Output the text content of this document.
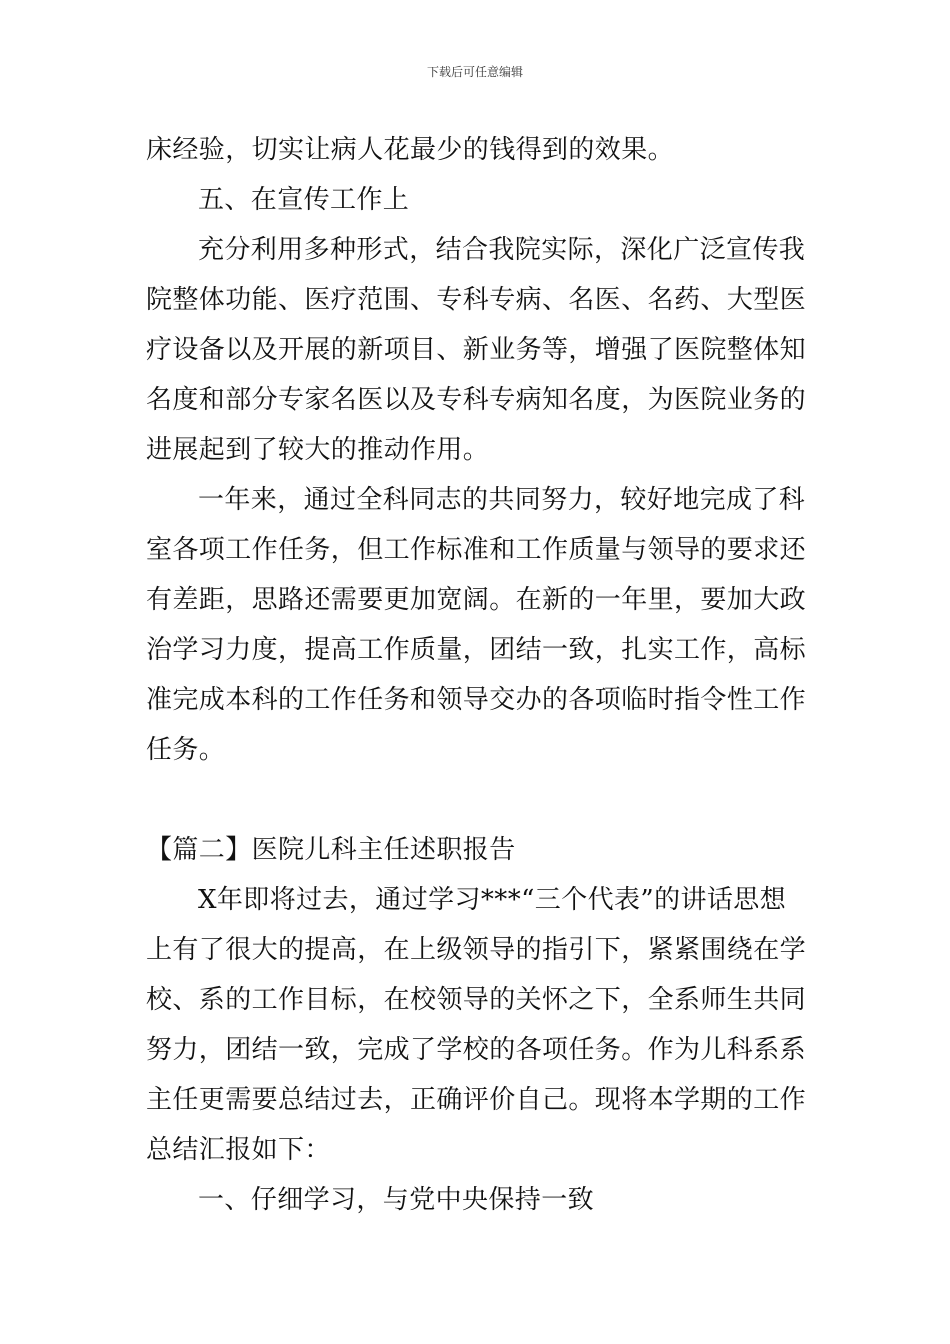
下载后可任意编辑
床经验，切实让病人花最少的钱得到的效果。
五、在宣传工作上
充分利用多种形式，结合我院实际，深化广泛宣传我
院整体功能、医疗范围、专科专病、名医、名药、大型医
疗设备以及开展的新项目、新业务等，增强了医院整体知
名度和部分专家名医以及专科专病知名度，为医院业务的
进展起到了较大的推动作用。
一年来，通过全科同志的共同努力，较好地完成了科
室各项工作任务，但工作标准和工作质量与领导的要求还
有差距，思路还需要更加宽阔。在新的一年里，要加大政
治学习力度，提高工作质量，团结一致，扎实工作，高标
准完成本科的工作任务和领导交办的各项临时指令性工作
任务。
【篇二】医院儿科主任述职报告
X年即将过去，通过学习***“三个代表”的讲话思想
上有了很大的提高，在上级领导的指引下，紧紧围绕在学
校、系的工作目标，在校领导的关怀之下，全系师生共同
努力，团结一致，完成了学校的各项任务。作为儿科系系
主任更需要总结过去，正确评价自己。现将本学期的工作
总结汇报如下：
一、仔细学习，与党中央保持一致
